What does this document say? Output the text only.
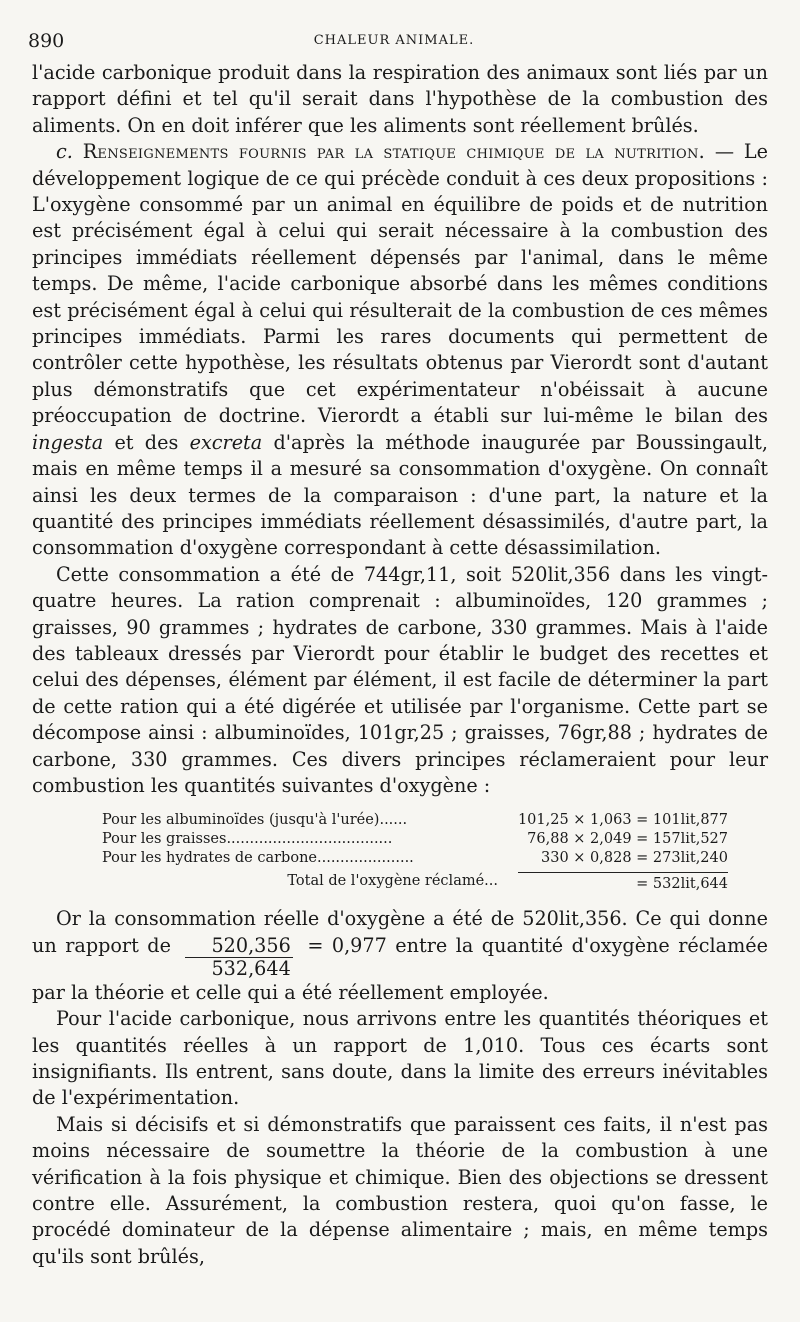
890	CHALEUR ANIMALE.

l'acide carbonique produit dans la respiration des animaux sont liés par un rapport défini et tel qu'il serait dans l'hypothèse de la combustion des aliments. On en doit inférer que les aliments sont réellement brûlés.

c. Renseignements fournis par la statique chimique de la nutrition. — Le développement logique de ce qui précède conduit à ces deux propositions : L'oxygène consommé par un animal en équilibre de poids et de nutrition est précisément égal à celui qui serait nécessaire à la combustion des principes immédiats réellement dépensés par l'animal, dans le même temps. De même, l'acide carbonique absorbé dans les mêmes conditions est précisément égal à celui qui résulterait de la combustion de ces mêmes principes immédiats. Parmi les rares documents qui permettent de contrôler cette hypothèse, les résultats obtenus par Vierordt sont d'autant plus démonstratifs que cet expérimentateur n'obéissait à aucune préoccupation de doctrine. Vierordt a établi sur lui-même le bilan des ingesta et des excreta d'après la méthode inaugurée par Boussingault, mais en même temps il a mesuré sa consommation d'oxygène. On connaît ainsi les deux termes de la comparaison : d'une part, la nature et la quantité des principes immédiats réellement désassimilés, d'autre part, la consommation d'oxygène correspondant à cette désassimilation.

Cette consommation a été de 744gr,11, soit 520lit,356 dans les vingt-quatre heures. La ration comprenait : albuminoïdes, 120 grammes ; graisses, 90 grammes ; hydrates de carbone, 330 grammes. Mais à l'aide des tableaux dressés par Vierordt pour établir le budget des recettes et celui des dépenses, élément par élément, il est facile de déterminer la part de cette ration qui a été digérée et utilisée par l'organisme. Cette part se décompose ainsi : albuminoïdes, 101gr,25 ; graisses, 76gr,88 ; hydrates de carbone, 330 grammes. Ces divers principes réclameraient pour leur combustion les quantités suivantes d'oxygène :

Pour les albuminoïdes (jusqu'à l'urée)......	101,25 × 1,063 = 101lit,877
Pour les graisses....................................	76,88 × 2,049 = 157lit,527
Pour les hydrates de carbone.....................	330 × 0,828 = 273lit,240
Total de l'oxygène réclamé...	= 532lit,644

Or la consommation réelle d'oxygène a été de 520lit,356. Ce qui donne un rapport de $\frac{520,356}{532,644} = 0,977$ entre la quantité d'oxygène réclamée par la théorie et celle qui a été réellement employée.

Pour l'acide carbonique, nous arrivons entre les quantités théoriques et les quantités réelles à un rapport de 1,010. Tous ces écarts sont insignifiants. Ils entrent, sans doute, dans la limite des erreurs inévitables de l'expérimentation.

Mais si décisifs et si démonstratifs que paraissent ces faits, il n'est pas moins nécessaire de soumettre la théorie de la combustion à une vérification à la fois physique et chimique. Bien des objections se dressent contre elle. Assurément, la combustion restera, quoi qu'on fasse, le procédé dominateur de la dépense alimentaire ; mais, en même temps qu'ils sont brûlés,
